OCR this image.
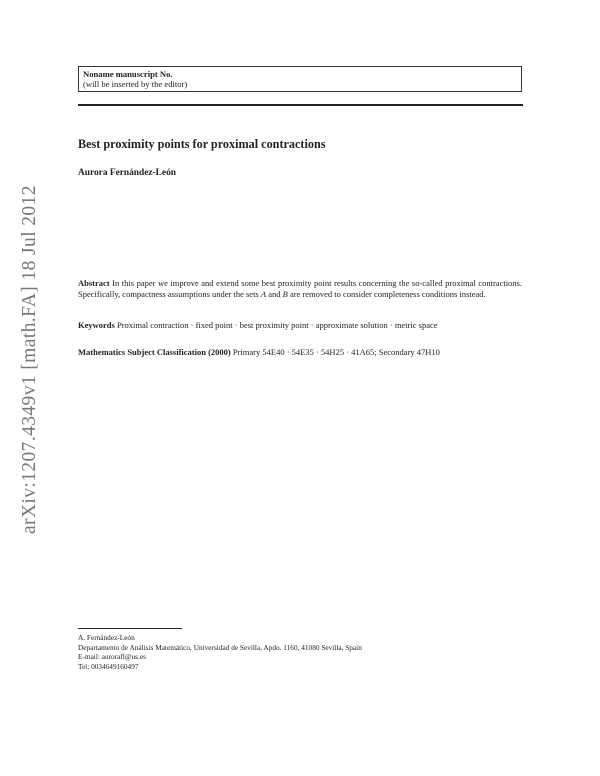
arXiv:1207.4349v1 [math.FA] 18 Jul 2012
Noname manuscript No.
(will be inserted by the editor)
Best proximity points for proximal contractions
Aurora Fernández-León
Abstract In this paper we improve and extend some best proximity point results concerning the so-called proximal contractions. Specifically, compactness assumptions under the sets A and B are removed to consider completeness conditions instead.
Keywords Proximal contraction · fixed point · best proximity point · approximate solution · metric space
Mathematics Subject Classification (2000) Primary 54E40 · 54E35 · 54H25 · 41A65; Secondary 47H10
A. Fernández-León
Departamento de Análisis Matemático, Universidad de Sevilla, Apdo. 1160, 41080 Sevilla, Spain
E-mail: aurorafl@us.es
Tel: 0034649160497
